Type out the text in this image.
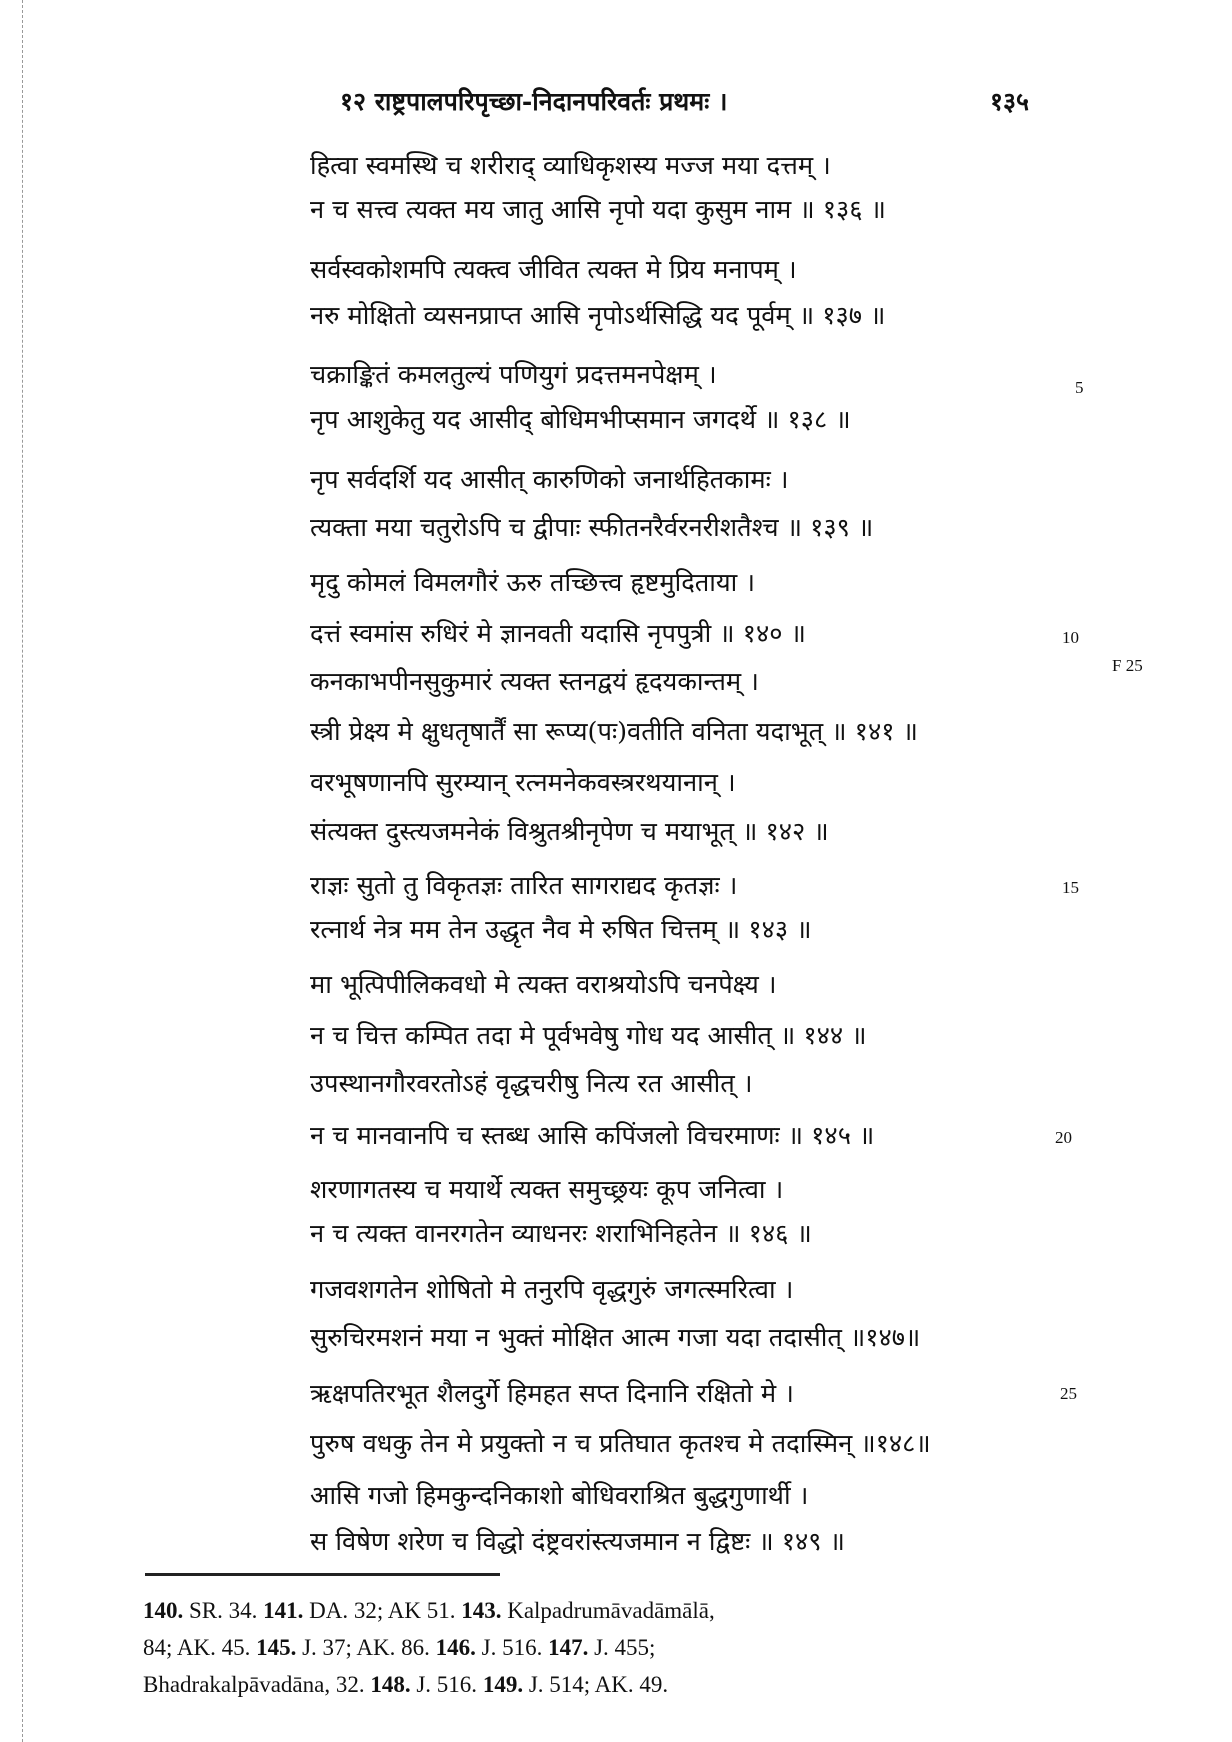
१२ राष्ट्रपालपरिपृच्छा-निदानपरिवर्तः प्रथमः ।	१३५
हित्वा स्वमस्थि च शरीराद् व्याधिकृशस्य मज्ज मया दत्तम् ।
न च सत्त्व त्यक्त मय जातु आसि नृपो यदा कुसुम नाम ॥ १३६ ॥
सर्वस्वकोशमपि त्यक्त्व जीवित त्यक्त मे प्रिय मनापम् ।
नरु मोक्षितो व्यसनप्राप्त आसि नृपोऽर्थसिद्धि यद पूर्वम् ॥ १३७ ॥
चक्राङ्कितं कमलतुल्यं पणियुगं प्रदत्तमनपेक्षम् ।
नृप आशुकेतु यद आसीद् बोधिमभीप्समान जगदर्थे ॥ १३८ ॥
नृप सर्वदर्शि यद आसीत् कारुणिको जनार्थहितकामः ।
त्यक्ता मया चतुरोऽपि च द्वीपाः स्फीतनरैर्वरनरीशतैश्च ॥ १३९ ॥
मृदु कोमलं विमलगौरं ऊरु तच्छित्त्व हृष्टमुदिताया ।
दत्तं स्वमांस रुधिरं मे ज्ञानवती यदासि नृपपुत्री ॥ १४० ॥
कनकाभपीनसुकुमारं त्यक्त स्तनद्वयं हृदयकान्तम् ।
स्त्री प्रेक्ष्य मे क्षुधतृषार्तैं सा रूप्य(पः)वतीति वनिता यदाभूत् ॥ १४१ ॥
वरभूषणानपि सुरम्यान् रत्नमनेकवस्त्ररथयानान् ।
संत्यक्त दुस्त्यजमनेकं विश्रुतश्रीनृपेण च मयाभूत् ॥ १४२ ॥
राज्ञः सुतो तु विकृतज्ञः तारित सागराद्यद कृतज्ञः ।
रत्नार्थ नेत्र मम तेन उद्धृत नैव मे रुषित चित्तम् ॥ १४३ ॥
मा भूत्पिपीलिकवधो मे त्यक्त वराश्रयोऽपि चनपेक्ष्य ।
न च चित्त कम्पित तदा मे पूर्वभवेषु गोध यद आसीत् ॥ १४४ ॥
उपस्थानगौरवरतोऽहं वृद्धचरीषु नित्य रत आसीत् ।
न च मानवानपि च स्तब्ध आसि कपिंजलो विचरमाणः ॥ १४५ ॥
शरणागतस्य च मयार्थे त्यक्त समुच्छ्रयः कूप जनित्वा ।
न च त्यक्त वानरगतेन व्याधनरः शराभिनिहतेन ॥ १४६ ॥
गजवशगतेन शोषितो मे तनुरपि वृद्धगुरुं जगत्स्मरित्वा ।
सुरुचिरमशनं मया न भुक्तं मोक्षित आत्म गजा यदा तदासीत् ॥१४७॥
ऋक्षपतिरभूत शैलदुर्गे हिमहत सप्त दिनानि रक्षितो मे ।
पुरुष वधकु तेन मे प्रयुक्तो न च प्रतिघात कृतश्च मे तदास्मिन् ॥१४८॥
आसि गजो हिमकुन्दनिकाशो बोधिवराश्रित बुद्धगुणार्थी ।
स विषेण शरेण च विद्धो दंष्ट्रवरांस्त्यजमान न द्विष्टः ॥ १४९ ॥
5
10
15
20
25
F 25
140. SR. 34. 141. DA. 32; AK 51. 143. Kalpadrumāvadāmālā,
84; AK. 45. 145. J. 37; AK. 86. 146. J. 516. 147. J. 455;
Bhadrakalpāvadāna, 32. 148. J. 516. 149. J. 514; AK. 49.
